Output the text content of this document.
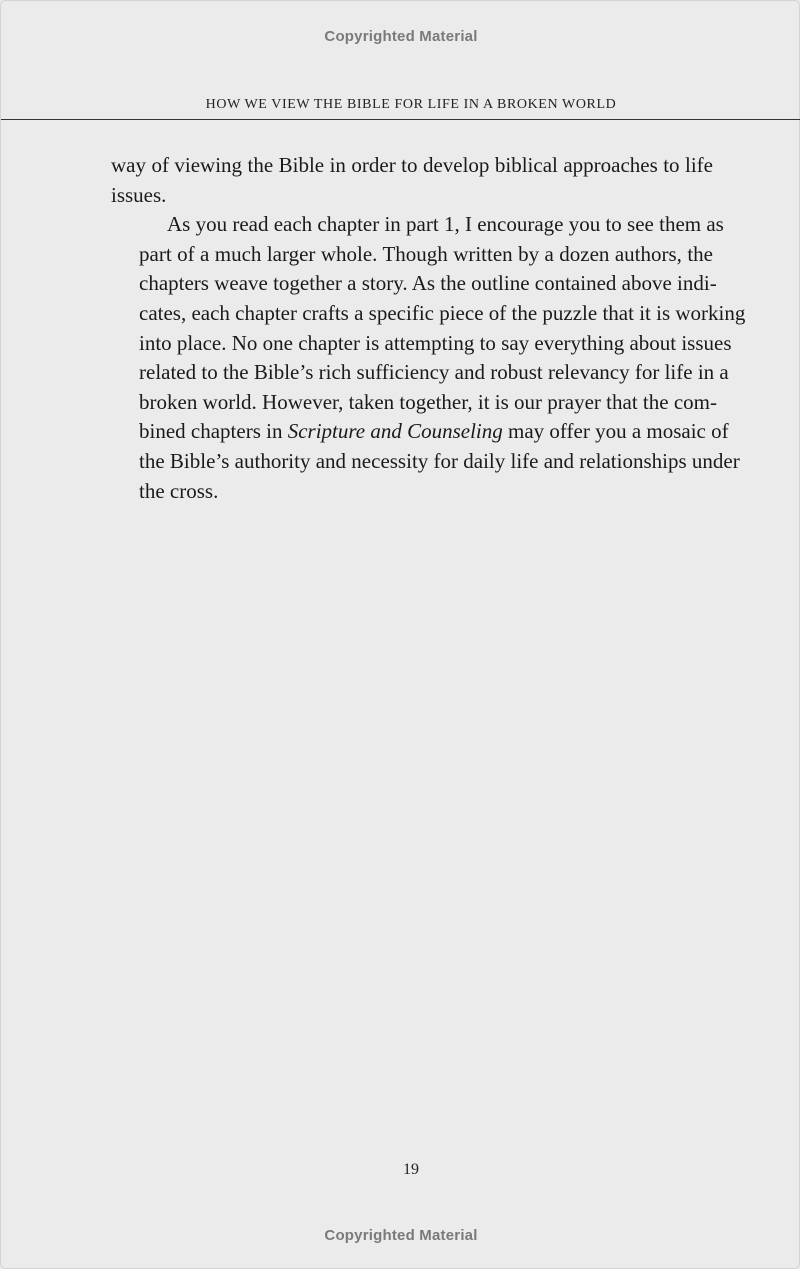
Copyrighted Material
HOW WE VIEW THE BIBLE FOR LIFE IN A BROKEN WORLD

way of viewing the Bible in order to develop biblical approaches to life
issues.

As you read each chapter in part 1, I encourage you to see them as
part of a much larger whole. Though written by a dozen authors, the
chapters weave together a story. As the outline contained above indi-
cates, each chapter crafts a specific piece of the puzzle that it is working
into place. No one chapter is attempting to say everything about issues
related to the Bible’s rich sufficiency and robust relevancy for life in a
broken world. However, taken together, it is our prayer that the com-
bined chapters in Scripture and Counseling may offer you a mosaic of
the Bible’s authority and necessity for daily life and relationships under
the cross.

19
Copyrighted Material
